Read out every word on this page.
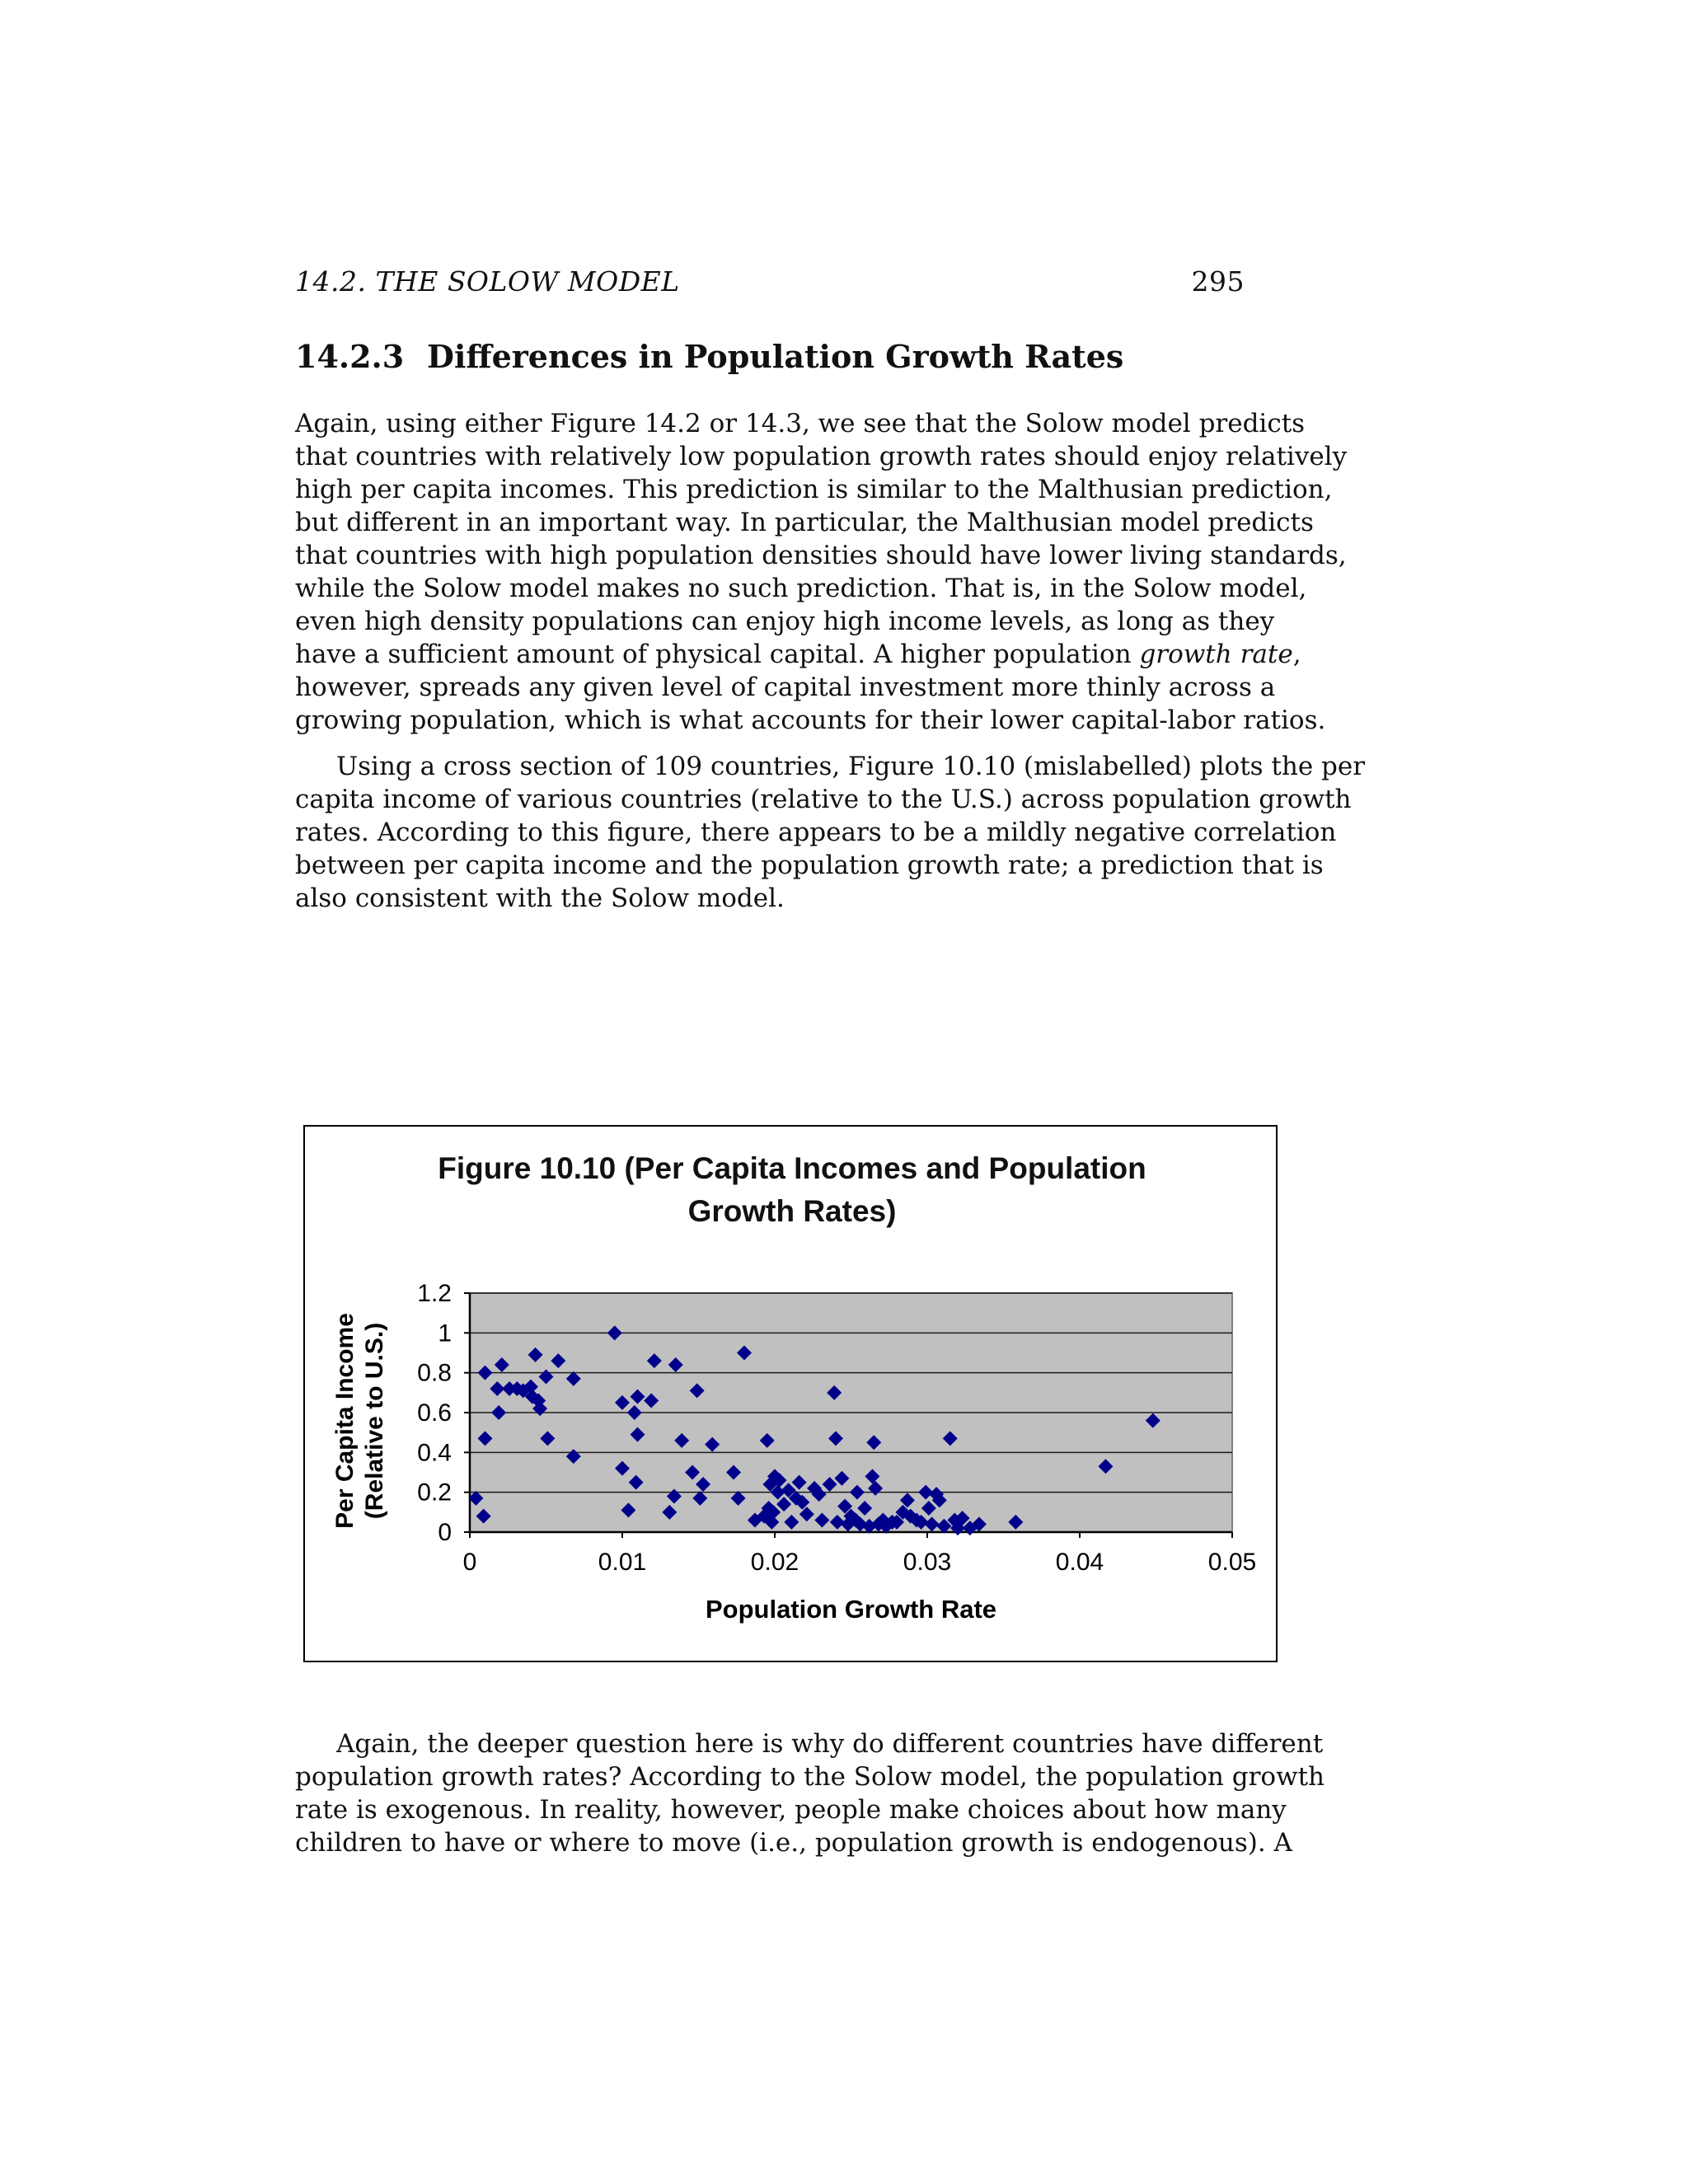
14.2. THE SOLOW MODEL	295
14.2.3 Differences in Population Growth Rates
Again, using either Figure 14.2 or 14.3, we see that the Solow model predicts
that countries with relatively low population growth rates should enjoy relatively
high per capita incomes. This prediction is similar to the Malthusian prediction,
but different in an important way. In particular, the Malthusian model predicts
that countries with high population densities should have lower living standards,
while the Solow model makes no such prediction. That is, in the Solow model,
even high density populations can enjoy high income levels, as long as they
have a sufficient amount of physical capital. A higher population growth rate,
however, spreads any given level of capital investment more thinly across a
growing population, which is what accounts for their lower capital-labor ratios.
Using a cross section of 109 countries, Figure 10.10 (mislabelled) plots the per
capita income of various countries (relative to the U.S.) across population growth
rates. According to this figure, there appears to be a mildly negative correlation
between per capita income and the population growth rate; a prediction that is
also consistent with the Solow model.
Figure 10.10 (Per Capita Incomes and Population
Growth Rates)
0
0.2
0.4
0.6
0.8
1
1.2
0	0.01	0.02	0.03	0.04	0.05
Per Capita Income (Relative to U.S.)
Population Growth Rate
Again, the deeper question here is why do different countries have different
population growth rates? According to the Solow model, the population growth
rate is exogenous. In reality, however, people make choices about how many
children to have or where to move (i.e., population growth is endogenous). A
